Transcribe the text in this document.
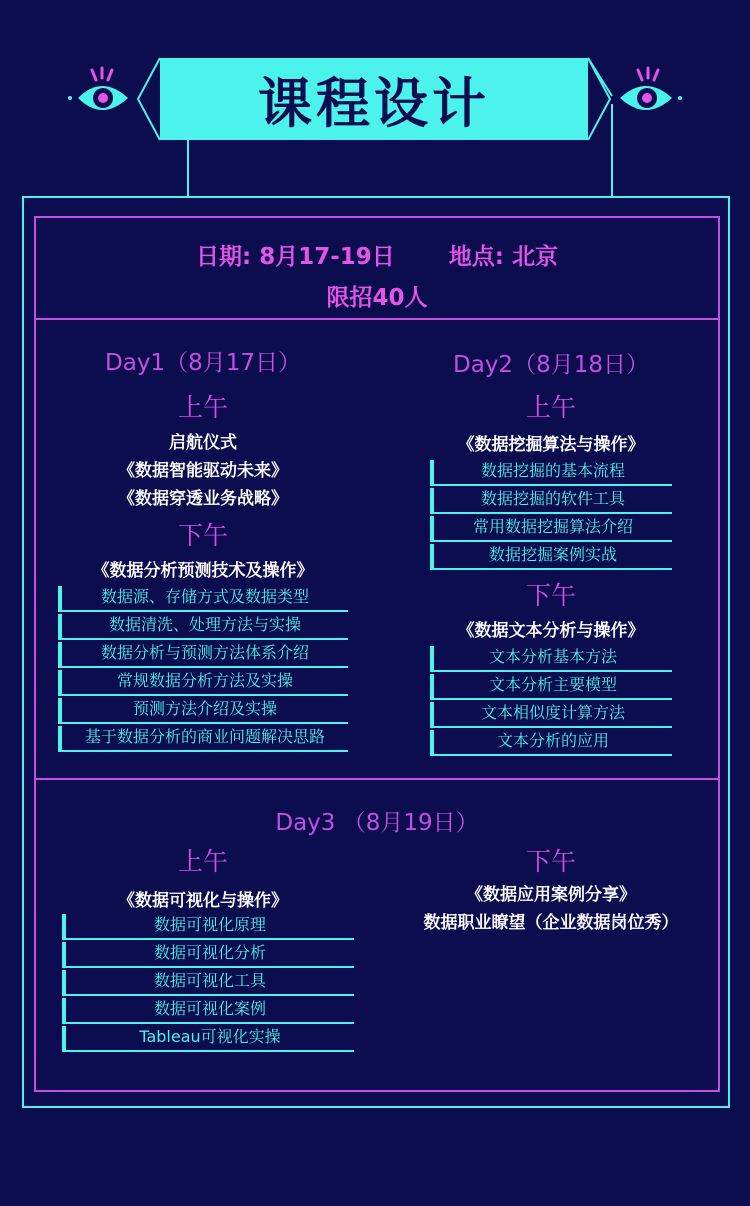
课程设计
日期: 8月17-19日 地点: 北京
限招40人
Day1（8月17日）
上午
启航仪式
《数据智能驱动未来》
《数据穿透业务战略》
下午
《数据分析预测技术及操作》
数据源、存储方式及数据类型
数据清洗、处理方法与实操
数据分析与预测方法体系介绍
常规数据分析方法及实操
预测方法介绍及实操
基于数据分析的商业问题解决思路
Day2（8月18日）
上午
《数据挖掘算法与操作》
数据挖掘的基本流程
数据挖掘的软件工具
常用数据挖掘算法介绍
数据挖掘案例实战
下午
《数据文本分析与操作》
文本分析基本方法
文本分析主要模型
文本相似度计算方法
文本分析的应用
Day3 （8月19日）
上午
《数据可视化与操作》
数据可视化原理
数据可视化分析
数据可视化工具
数据可视化案例
Tableau可视化实操
下午
《数据应用案例分享》
数据职业瞭望（企业数据岗位秀）
